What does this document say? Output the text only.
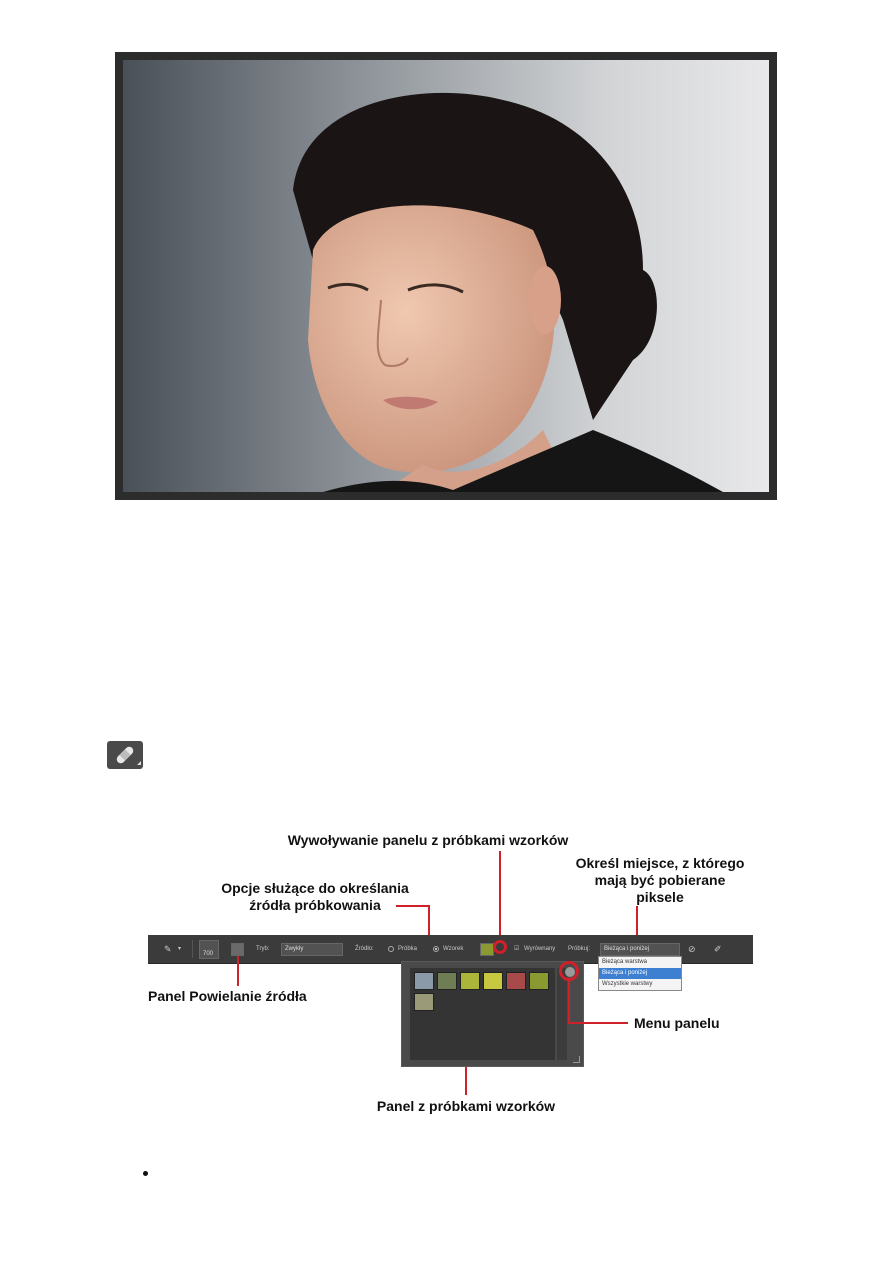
Wywoływanie panelu z próbkami wzorków
Określ miejsce, z którego
mają być pobierane
piksele
Opcje służące do określania
źródła próbkowania
✎ ▾
700
Tryb:	Zwykły	Źródło:	Próbka	Wzorek	☑ Wyrównany Próbkuj:	Bieżąca i poniżej	⊘ ✐
Bieżąca warstwa
Bieżąca i poniżej
Wszystkie warstwy
Panel Powielanie źródła
Menu panelu
Panel z próbkami wzorków
